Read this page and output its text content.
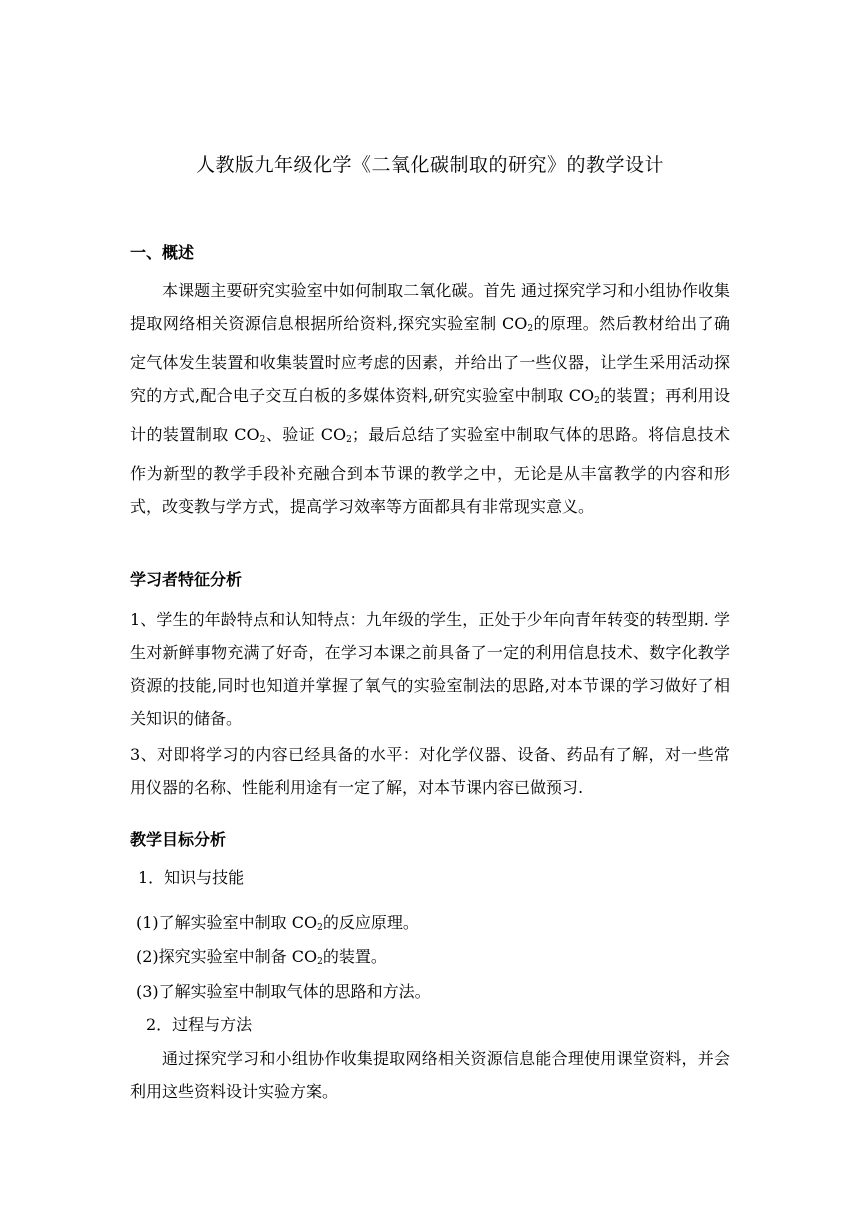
人教版九年级化学《二氧化碳制取的研究》的教学设计
一、概述

本课题主要研究实验室中如何制取二氧化碳。首先 通过探究学习和小组协作收集提取网络相关资源信息根据所给资料,探究实验室制 $CO_2$的原理。然后教材给出了确定气体发生装置和收集装置时应考虑的因素，并给出了一些仪器，让学生采用活动探究的方式,配合电子交互白板的多媒体资料,研究实验室中制取 $CO_2$的装置；再利用设计的装置制取 $CO_2$、验证 $CO_2$；最后总结了实验室中制取气体的思路。将信息技术作为新型的教学手段补充融合到本节课的教学之中，无论是从丰富教学的内容和形式，改变教与学方式，提高学习效率等方面都具有非常现实意义。

学习者特征分析

1、学生的年龄特点和认知特点：九年级的学生，正处于少年向青年转变的转型期. 学生对新鲜事物充满了好奇，在学习本课之前具备了一定的利用信息技术、数字化教学资源的技能,同时也知道并掌握了氧气的实验室制法的思路,对本节课的学习做好了相关知识的储备。

3、对即将学习的内容已经具备的水平：对化学仪器、设备、药品有了解，对一些常用仪器的名称、性能利用途有一定了解，对本节课内容已做预习.

教学目标分析
1．知识与技能
(1)了解实验室中制取 $CO_2$的反应原理。
(2)探究实验室中制备 $CO_2$的装置。
(3)了解实验室中制取气体的思路和方法。
2．过程与方法

通过探究学习和小组协作收集提取网络相关资源信息能合理使用课堂资料，并会利用这些资料设计实验方案。
